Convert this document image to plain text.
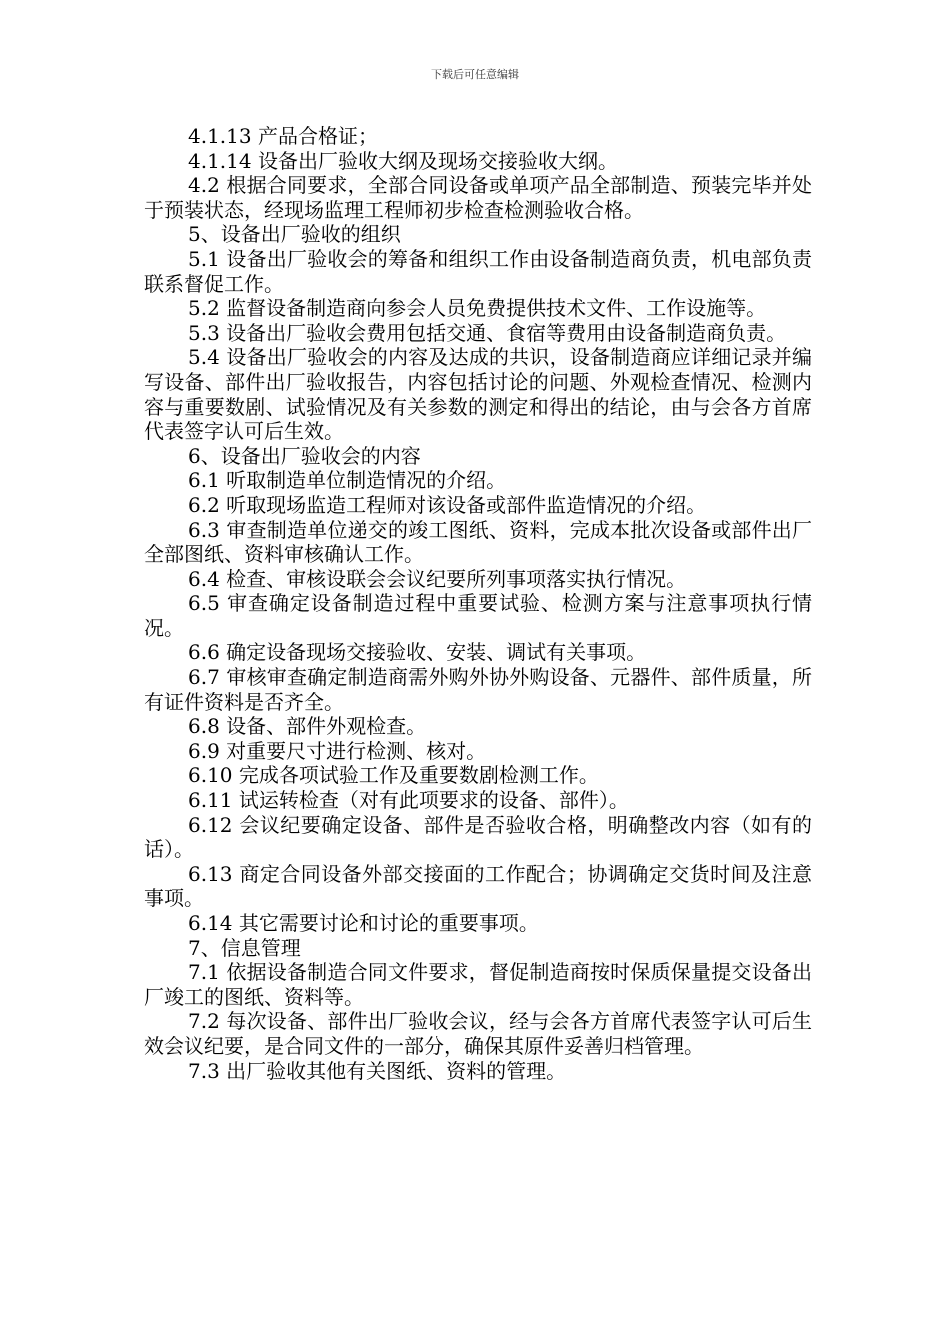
下载后可任意编辑

4.1.13 产品合格证；

4.1.14 设备出厂验收大纲及现场交接验收大纲。

4.2 根据合同要求，全部合同设备或单项产品全部制造、预装完毕并处于预装状态，经现场监理工程师初步检查检测验收合格。

5、设备出厂验收的组织

5.1 设备出厂验收会的筹备和组织工作由设备制造商负责，机电部负责联系督促工作。

5.2 监督设备制造商向参会人员免费提供技术文件、工作设施等。

5.3 设备出厂验收会费用包括交通、食宿等费用由设备制造商负责。

5.4 设备出厂验收会的内容及达成的共识，设备制造商应详细记录并编写设备、部件出厂验收报告，内容包括讨论的问题、外观检查情况、检测内容与重要数剧、试验情况及有关参数的测定和得出的结论，由与会各方首席代表签字认可后生效。

6、设备出厂验收会的内容

6.1 听取制造单位制造情况的介绍。

6.2 听取现场监造工程师对该设备或部件监造情况的介绍。

6.3 审查制造单位递交的竣工图纸、资料，完成本批次设备或部件出厂全部图纸、资料审核确认工作。

6.4 检查、审核设联会会议纪要所列事项落实执行情况。

6.5 审查确定设备制造过程中重要试验、检测方案与注意事项执行情况。

6.6 确定设备现场交接验收、安装、调试有关事项。

6.7 审核审查确定制造商需外购外协外购设备、元器件、部件质量，所有证件资料是否齐全。

6.8 设备、部件外观检查。

6.9 对重要尺寸进行检测、核对。

6.10 完成各项试验工作及重要数剧检测工作。

6.11 试运转检查（对有此项要求的设备、部件）。

6.12 会议纪要确定设备、部件是否验收合格，明确整改内容（如有的话）。

6.13 商定合同设备外部交接面的工作配合；协调确定交货时间及注意事项。

6.14 其它需要讨论和讨论的重要事项。

7、信息管理

7.1 依据设备制造合同文件要求，督促制造商按时保质保量提交设备出厂竣工的图纸、资料等。

7.2 每次设备、部件出厂验收会议，经与会各方首席代表签字认可后生效会议纪要，是合同文件的一部分，确保其原件妥善归档管理。

7.3 出厂验收其他有关图纸、资料的管理。
